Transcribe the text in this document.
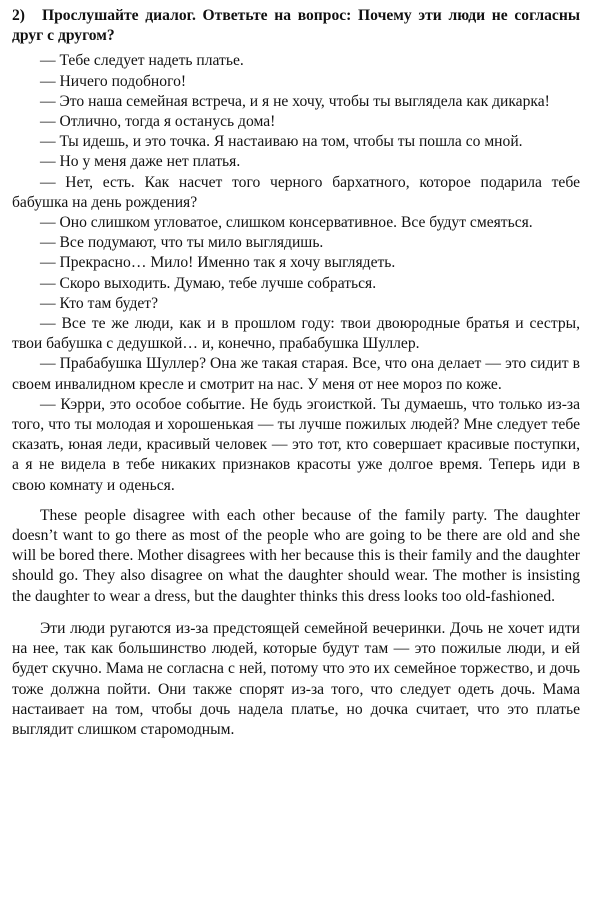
2) Прослушайте диалог. Ответьте на вопрос: Почему эти люди не согласны друг с другом?

— Тебе следует надеть платье.

— Ничего подобного!

— Это наша семейная встреча, и я не хочу, чтобы ты выглядела как дикарка!

— Отлично, тогда я останусь дома!

— Ты идешь, и это точка. Я настаиваю на том, чтобы ты пошла со мной.

— Но у меня даже нет платья.

— Нет, есть. Как насчет того черного бархатного, которое подарила тебе бабушка на день рождения?

— Оно слишком угловатое, слишком консервативное. Все будут смеяться.

— Все подумают, что ты мило выглядишь.

— Прекрасно… Мило! Именно так я хочу выглядеть.

— Скоро выходить. Думаю, тебе лучше собраться.

— Кто там будет?

— Все те же люди, как и в прошлом году: твои двоюродные братья и сестры, твои бабушка с дедушкой… и, конечно, прабабушка Шуллер.

— Прабабушка Шуллер? Она же такая старая. Все, что она делает — это сидит в своем инвалидном кресле и смотрит на нас. У меня от нее мороз по коже.

— Кэрри, это особое событие. Не будь эгоисткой. Ты думаешь, что только из-за того, что ты молодая и хорошенькая — ты лучше пожилых людей? Мне следует тебе сказать, юная леди, красивый человек — это тот, кто совершает красивые поступки, а я не видела в тебе никаких признаков красоты уже долгое время. Теперь иди в свою комнату и оденься.

These people disagree with each other because of the family party. The daughter doesn’t want to go there as most of the people who are going to be there are old and she will be bored there. Mother disagrees with her because this is their family and the daughter should go. They also disagree on what the daughter should wear. The mother is insisting the daughter to wear a dress, but the daughter thinks this dress looks too old-fashioned.

Эти люди ругаются из-за предстоящей семейной вечеринки. Дочь не хочет идти на нее, так как большинство людей, которые будут там — это пожилые люди, и ей будет скучно. Мама не согласна с ней, потому что это их семейное торжество, и дочь тоже должна пойти. Они также спорят из-за того, что следует одеть дочь. Мама настаивает на том, чтобы дочь надела платье, но дочка считает, что это платье выглядит слишком старомодным.
